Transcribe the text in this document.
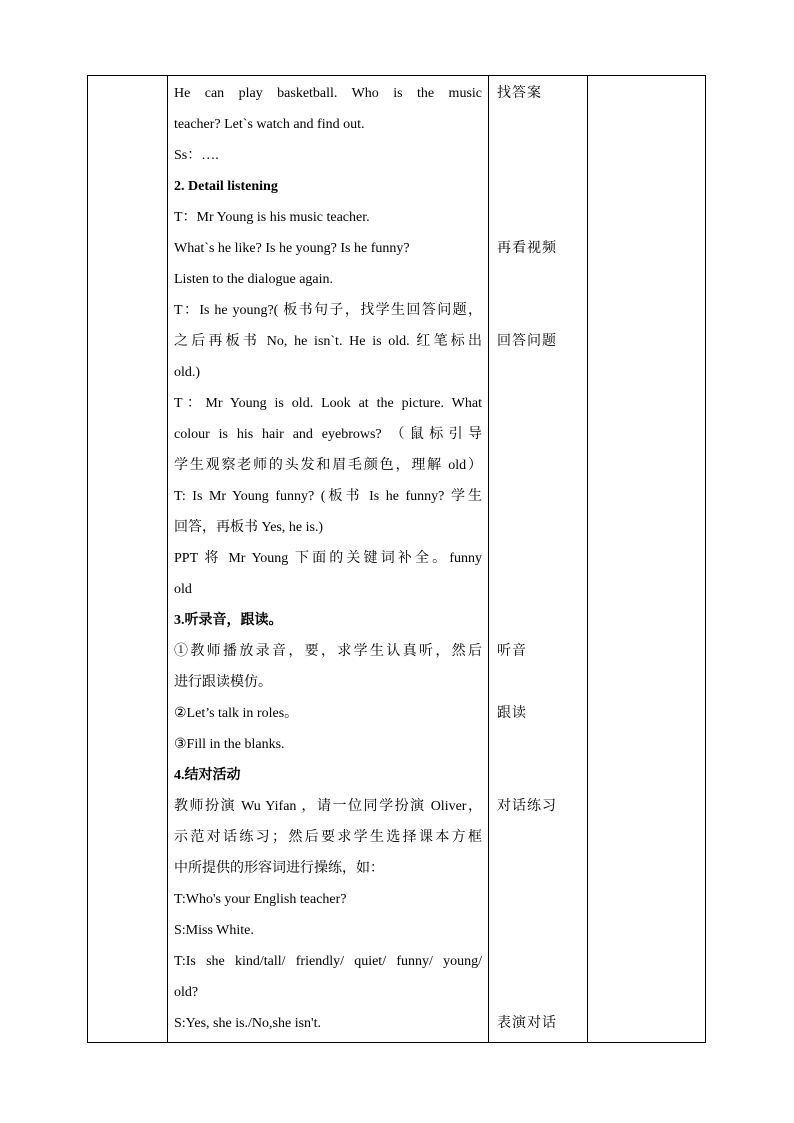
He can play basketball. Who is the music
teacher? Let`s watch and find out.
Ss：….
2. Detail listening
T：Mr Young is his music teacher.
What`s he like? Is he young? Is he funny?
Listen to the dialogue again.
T：Is he young?( 板书句子，找学生回答问题，
之后再板书 No, he isn`t. He is old. 红笔标出
old.)
T：Mr Young is old. Look at the picture. What
colour is his hair and eyebrows? （鼠标引导
学生观察老师的头发和眉毛颜色，理解 old）
T: Is Mr Young funny? (板书 Is he funny? 学生
回答，再板书 Yes, he is.)
PPT 将 Mr Young 下面的关键词补全。funny
old
3.听录音，跟读。
①教师播放录音，要，求学生认真听，然后
进行跟读模仿。
②Let’s talk in roles。
③Fill in the blanks.
4.结对活动
教师扮演 Wu Yifan ，请一位同学扮演 Oliver，
示范对话练习；然后要求学生选择课本方框
中所提供的形容词进行操练，如：
T:Who's your English teacher?
S:Miss White.
T:Is she kind/tall/ friendly/ quiet/ funny/ young/
old?
S:Yes, she is./No,she isn't.
找答案
再看视频
回答问题
听音
跟读
对话练习
表演对话
